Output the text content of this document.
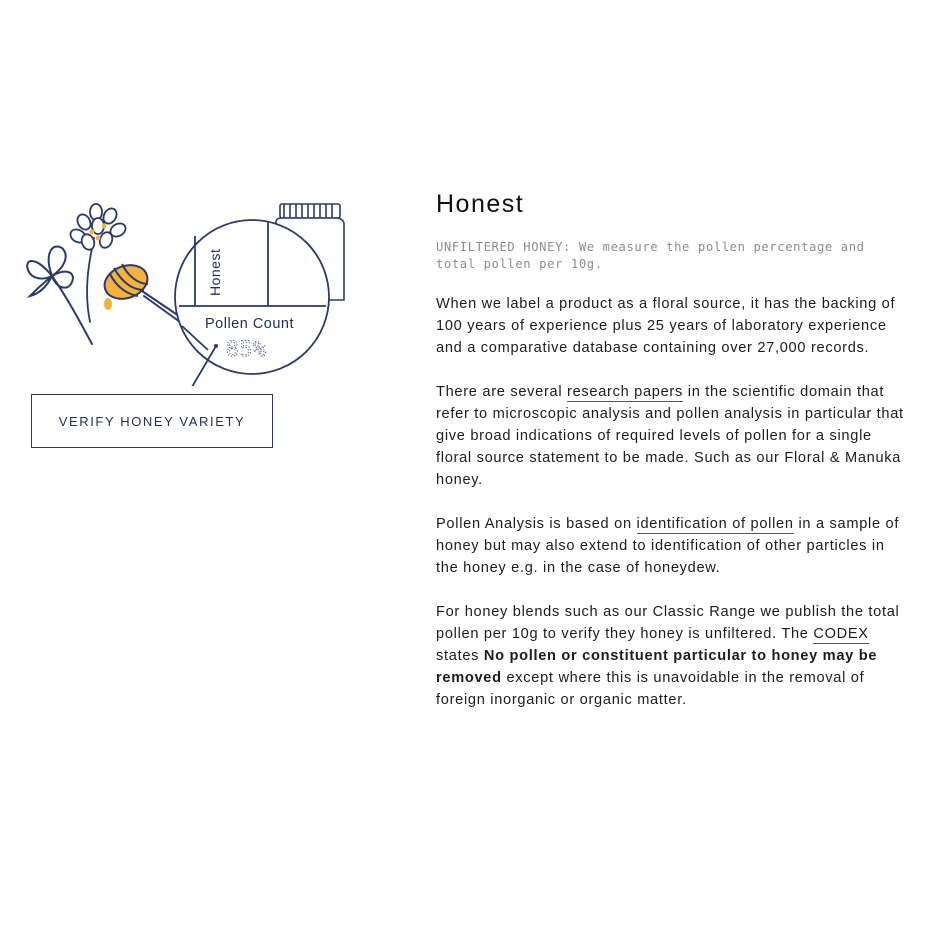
Honest
Pollen Count
85%
VERIFY HONEY VARIETY
Honest

UNFILTERED HONEY: We measure the pollen percentage and total pollen per 10g.

When we label a product as a floral source, it has the backing of 100 years of experience plus 25 years of laboratory experience and a comparative database containing over 27,000 records.

There are several research papers in the scientific domain that refer to microscopic analysis and pollen analysis in particular that give broad indications of required levels of pollen for a single floral source statement to be made. Such as our Floral & Manuka honey.

Pollen Analysis is based on identification of pollen in a sample of honey but may also extend to identification of other particles in the honey e.g. in the case of honeydew.

For honey blends such as our Classic Range we publish the total pollen per 10g to verify they honey is unfiltered. The CODEX states No pollen or constituent particular to honey may be removed except where this is unavoidable in the removal of foreign inorganic or organic matter.
